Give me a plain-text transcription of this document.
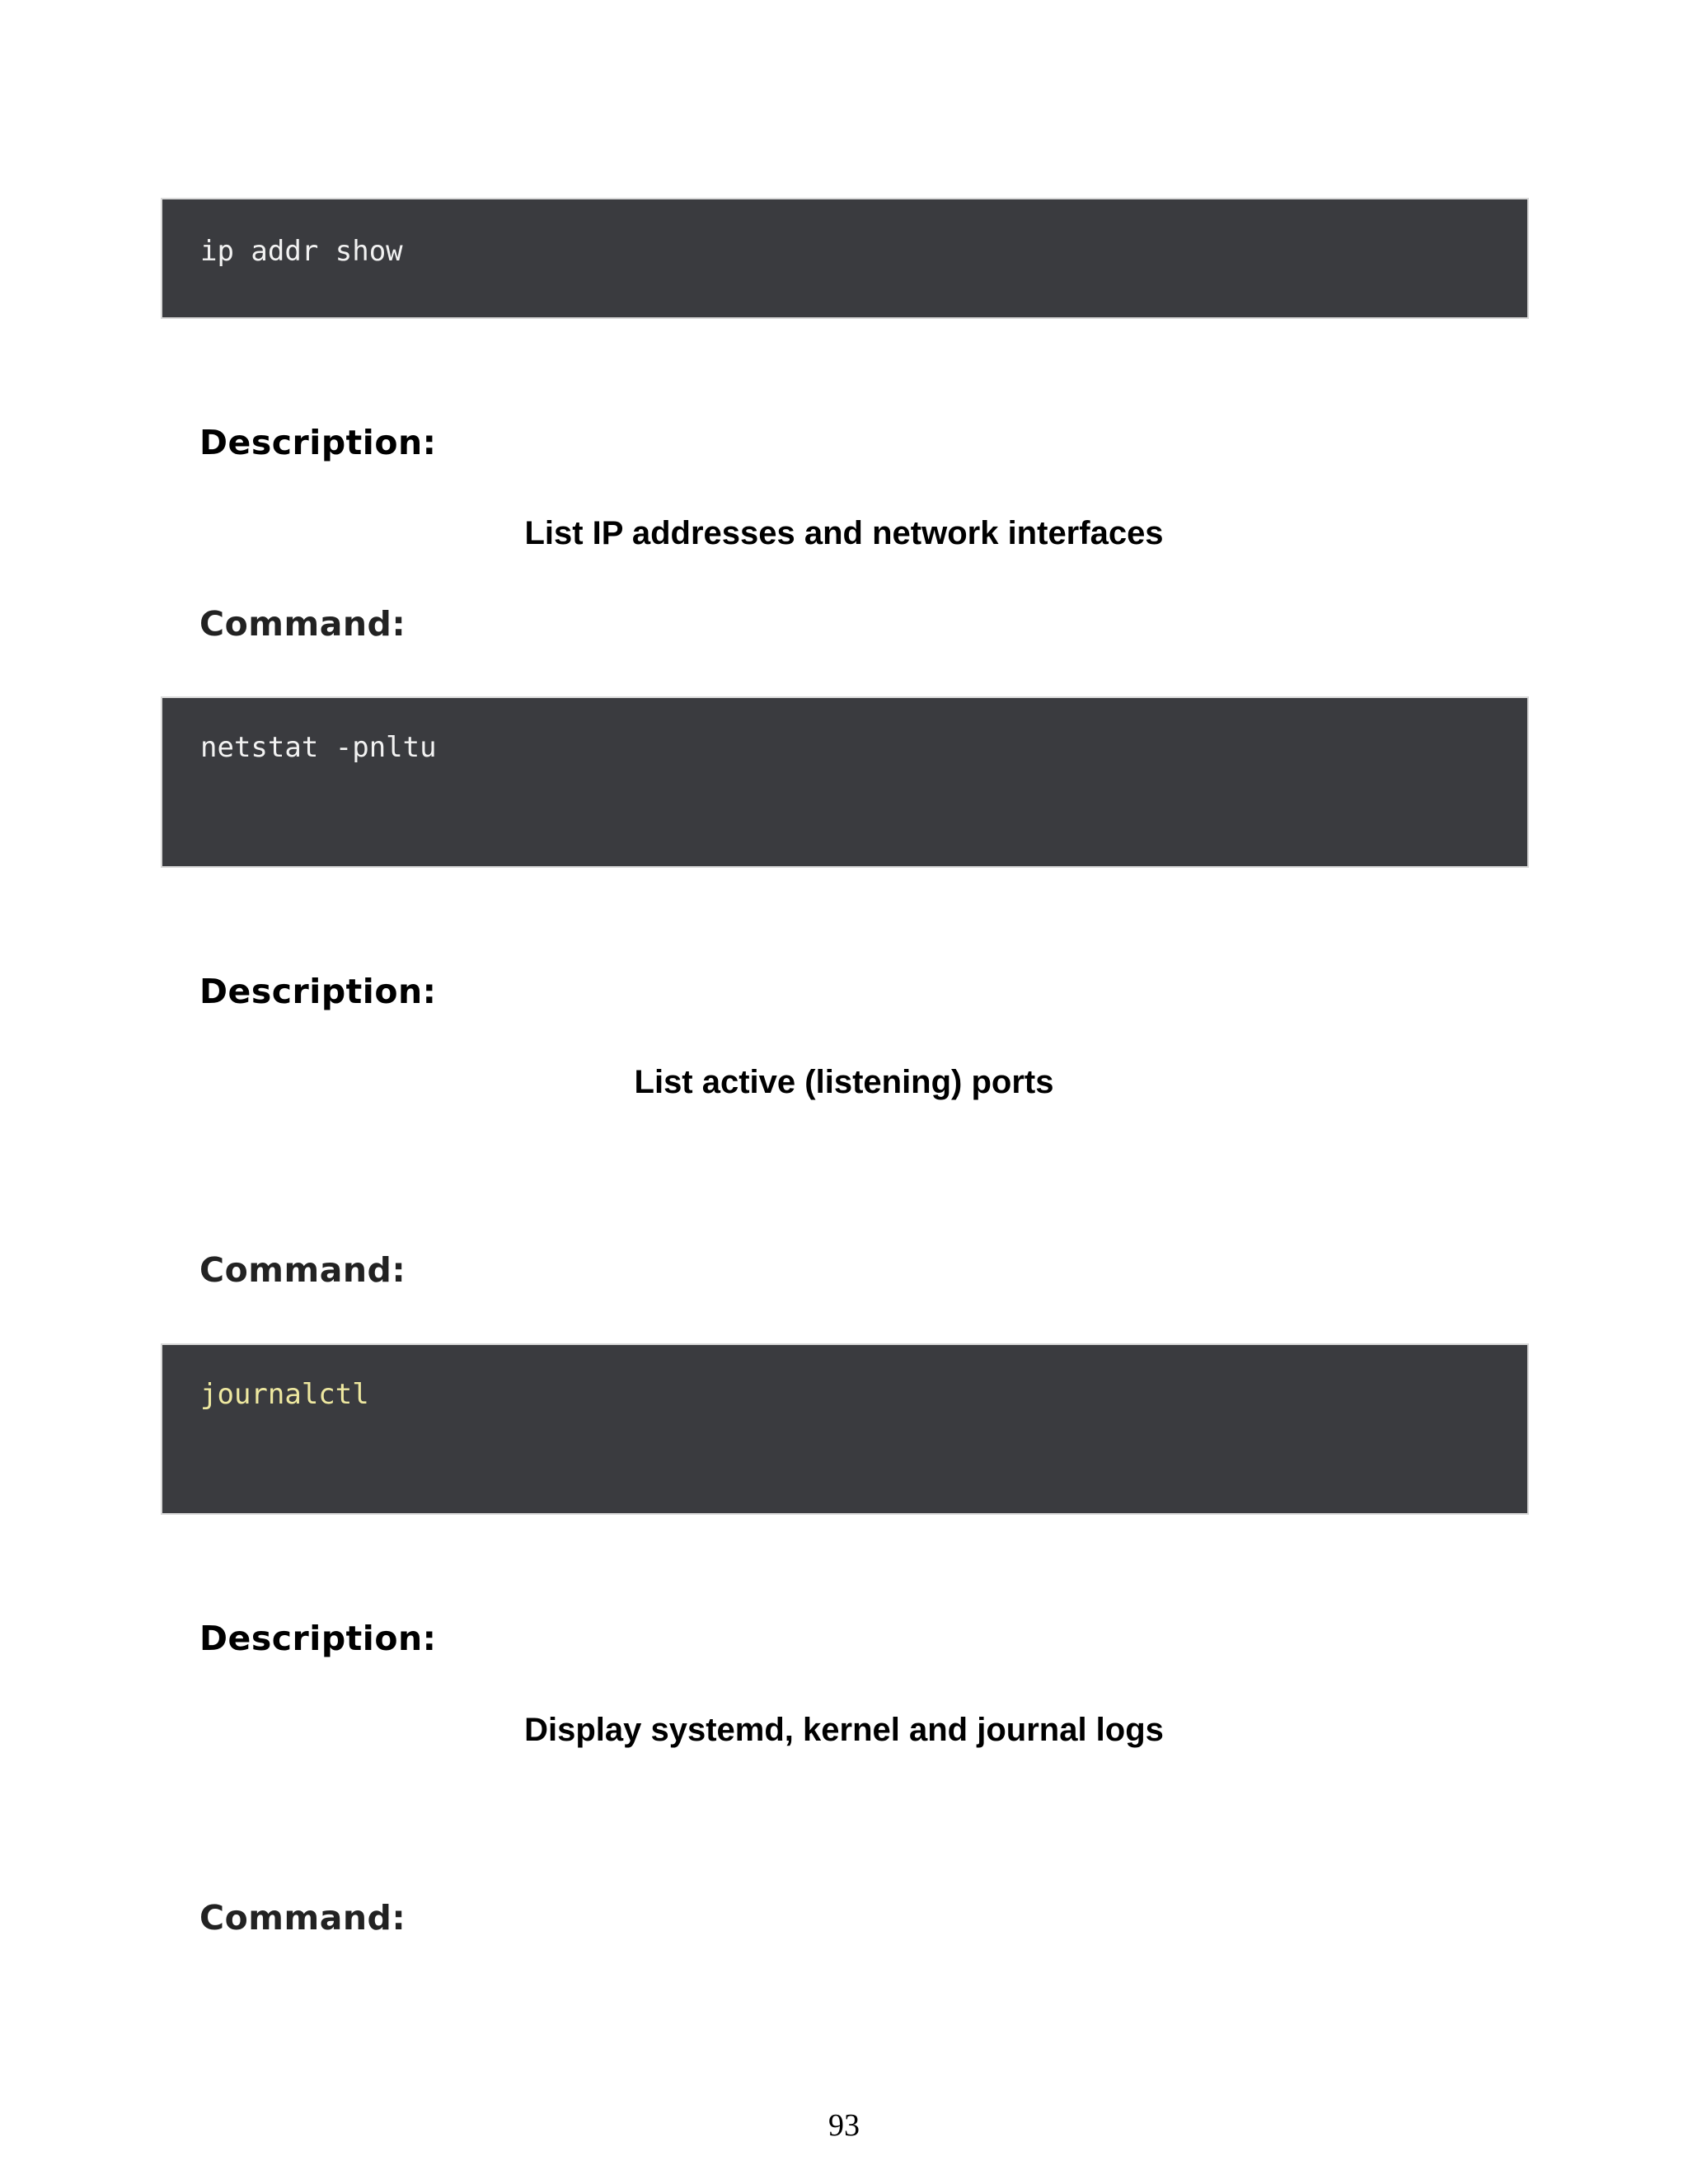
ip addr show
Description:
List IP addresses and network interfaces
Command:
netstat -pnltu
Description:
List active (listening) ports
Command:
journalctl
Description:
Display systemd, kernel and journal logs
Command:
93
